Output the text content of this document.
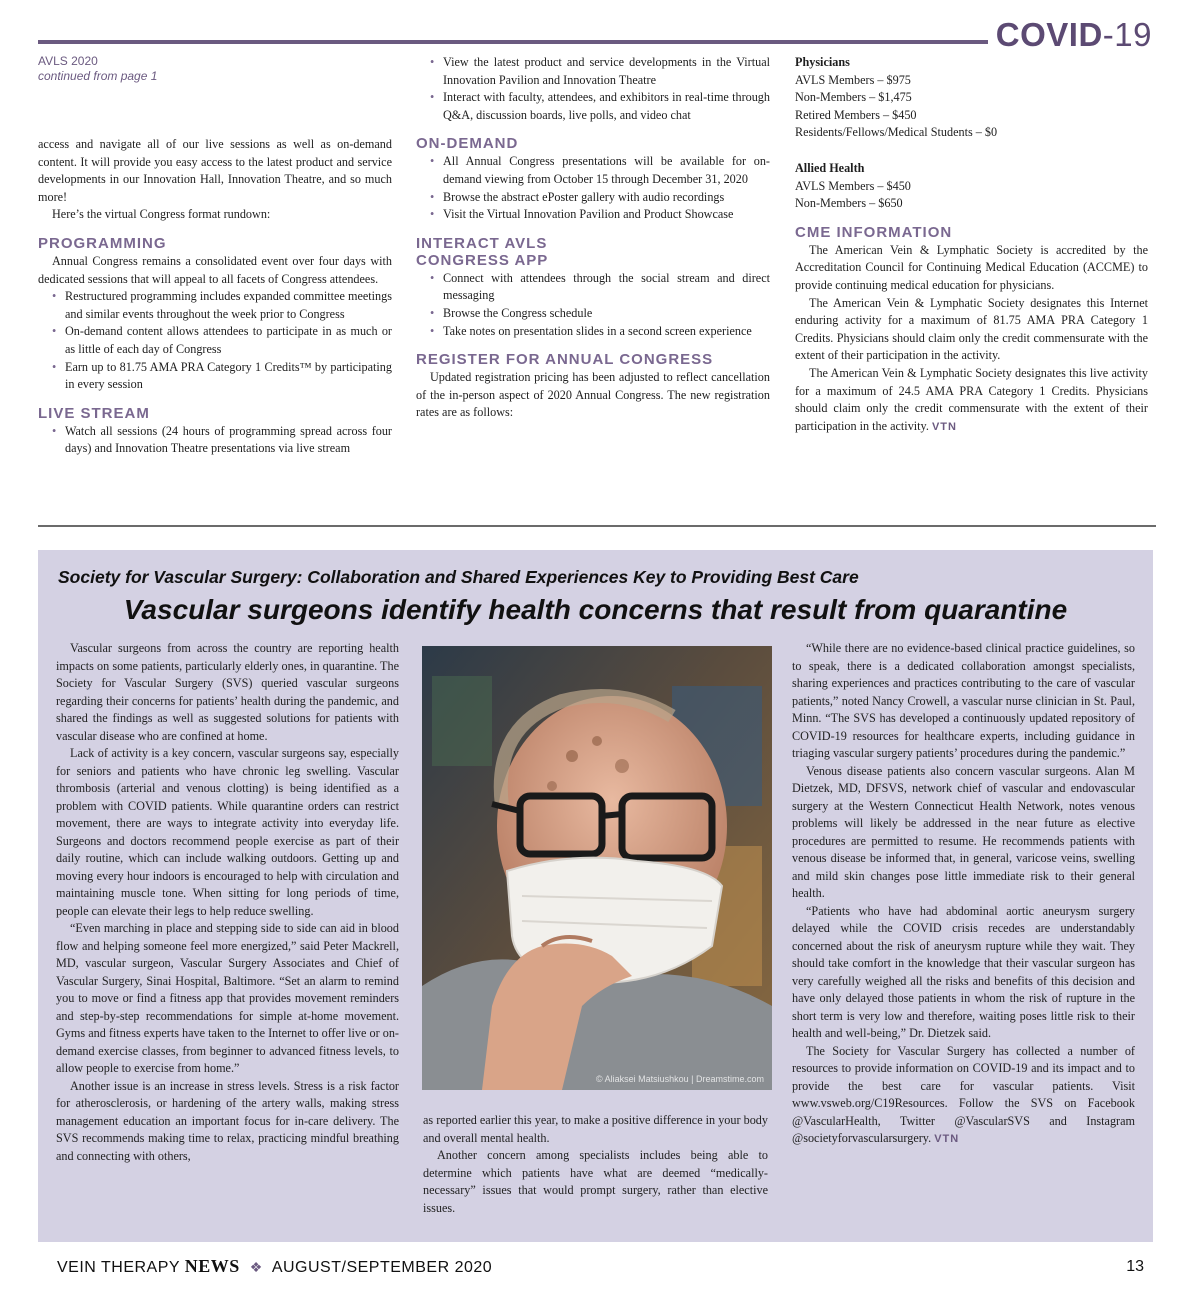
COVID-19
AVLS 2020
continued from page 1

access and navigate all of our live sessions as well as on-demand content. It will provide you easy access to the latest product and service developments in our Innovation Hall, Innovation Theatre, and so much more!

Here’s the virtual Congress format rundown:

PROGRAMMING

Annual Congress remains a consolidated event over four days with dedicated sessions that will appeal to all facets of Congress attendees.

• Restructured programming includes expanded committee meetings and similar events throughout the week prior to Congress
• On-demand content allows attendees to participate in as much or as little of each day of Congress
• Earn up to 81.75 AMA PRA Category 1 Credits™ by participating in every session
LIVE STREAM
• Watch all sessions (24 hours of programming spread across four days) and Innovation Theatre presentations via live stream
• View the latest product and service developments in the Virtual Innovation Pavilion and Innovation Theatre
• Interact with faculty, attendees, and exhibitors in real-time through Q&A, discussion boards, live polls, and video chat
ON-DEMAND
• All Annual Congress presentations will be available for on-demand viewing from October 15 through December 31, 2020
• Browse the abstract ePoster gallery with audio recordings
• Visit the Virtual Innovation Pavilion and Product Showcase
INTERACT AVLS
CONGRESS APP
• Connect with attendees through the social stream and direct messaging
• Browse the Congress schedule
• Take notes on presentation slides in a second screen experience
REGISTER FOR ANNUAL CONGRESS

Updated registration pricing has been adjusted to reflect cancellation of the in-person aspect of 2020 Annual Congress. The new registration rates are as follows:

Physicians
AVLS Members – $975
Non-Members – $1,475
Retired Members – $450
Residents/Fellows/Medical Students – $0
Allied Health
AVLS Members – $450
Non-Members – $650
CME INFORMATION

The American Vein & Lymphatic Society is accredited by the Accreditation Council for Continuing Medical Education (ACCME) to provide continuing medical education for physicians.

The American Vein & Lymphatic Society designates this Internet enduring activity for a maximum of 81.75 AMA PRA Category 1 Credits. Physicians should claim only the credit commensurate with the extent of their participation in the activity.

The American Vein & Lymphatic Society designates this live activity for a maximum of 24.5 AMA PRA Category 1 Credits. Physicians should claim only the credit commensurate with the extent of their participation in the activity. VTN

Society for Vascular Surgery: Collaboration and Shared Experiences Key to Providing Best Care
Vascular surgeons identify health concerns that result from quarantine

Vascular surgeons from across the country are reporting health impacts on some patients, particularly elderly ones, in quarantine. The Society for Vascular Surgery (SVS) queried vascular surgeons regarding their concerns for patients’ health during the pandemic, and shared the findings as well as suggested solutions for patients with vascular disease who are confined at home.

Lack of activity is a key concern, vascular surgeons say, especially for seniors and patients who have chronic leg swelling. Vascular thrombosis (arterial and venous clotting) is being identified as a problem with COVID patients. While quarantine orders can restrict movement, there are ways to integrate activity into everyday life. Surgeons and doctors recommend people exercise as part of their daily routine, which can include walking outdoors. Getting up and moving every hour indoors is encouraged to help with circulation and maintaining muscle tone. When sitting for long periods of time, people can elevate their legs to help reduce swelling.

“Even marching in place and stepping side to side can aid in blood flow and helping someone feel more energized,” said Peter Mackrell, MD, vascular surgeon, Vascular Surgery Associates and Chief of Vascular Surgery, Sinai Hospital, Baltimore. “Set an alarm to remind you to move or find a fitness app that provides movement reminders and step-by-step recommendations for simple at-home movement. Gyms and fitness experts have taken to the Internet to offer live or on-demand exercise classes, from beginner to advanced fitness levels, to allow people to exercise from home.”

Another issue is an increase in stress levels. Stress is a risk factor for atherosclerosis, or hardening of the artery walls, making stress management education an important focus for in-care delivery. The SVS recommends making time to relax, practicing mindful breathing and connecting with others,

© Aliaksei Matsiushkou | Dreamstime.com

as reported earlier this year, to make a positive difference in your body and overall mental health.

Another concern among specialists includes being able to determine which patients have what are deemed “medically-necessary” issues that would prompt surgery, rather than elective issues.

“While there are no evidence-based clinical practice guidelines, so to speak, there is a dedicated collaboration amongst specialists, sharing experiences and practices contributing to the care of vascular patients,” noted Nancy Crowell, a vascular nurse clinician in St. Paul, Minn. “The SVS has developed a continuously updated repository of COVID-19 resources for healthcare experts, including guidance in triaging vascular surgery patients’ procedures during the pandemic.”

Venous disease patients also concern vascular surgeons. Alan M Dietzek, MD, DFSVS, network chief of vascular and endovascular surgery at the Western Connecticut Health Network, notes venous problems will likely be addressed in the near future as elective procedures are permitted to resume. He recommends patients with venous disease be informed that, in general, varicose veins, swelling and mild skin changes pose little immediate risk to their general health.

“Patients who have had abdominal aortic aneurysm surgery delayed while the COVID crisis recedes are understandably concerned about the risk of aneurysm rupture while they wait. They should take comfort in the knowledge that their vascular surgeon has very carefully weighed all the risks and benefits of this decision and have only delayed those patients in whom the risk of rupture in the short term is very low and therefore, waiting poses little risk to their health and well-being,” Dr. Dietzek said.

The Society for Vascular Surgery has collected a number of resources to provide information on COVID-19 and its impact and to provide the best care for vascular patients. Visit www.vsweb.org/C19Resources. Follow the SVS on Facebook @VascularHealth, Twitter @VascularSVS and Instagram @societyforvascularsurgery. VTN

VEIN THERAPY NEWS ❖ AUGUST/SEPTEMBER 2020	13
